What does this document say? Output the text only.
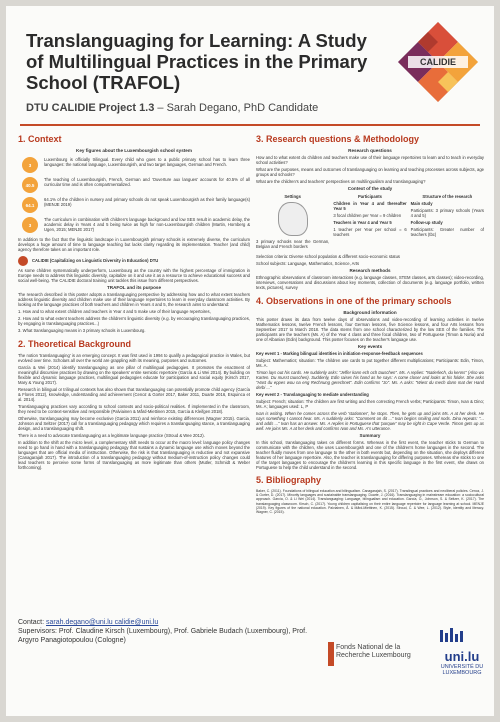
Translanguaging for Learning: A Study of Multilingual Practices in the Primary School (TRAFOL)
DTU CALIDIE Project 1.3 – Sarah Degano, PhD Candidate
CALIDIE
1. Context
Key figures about the Luxembourgish school system
3

Luxembourg is officially trilingual. Every child who goes to a public primary school has to learn three languages: the national language, Luxembourgish, and two target languages, German and French.

40.5

The teaching of Luxembourgish, French, German and 'Ouverture aux langues' accounts for 40.5% of all curricular time and is often compartmentalized.

64.1

64.1% of the children in nursery and primary schools do not speak Luxembourgish as their family language(s) (MENJE 2019)

3

The curriculum in combination with children's language background and low SES result in academic delay, the academic delay in Years 4 and 5 being twice as high for non-Luxembourgish children (Martin, Hornberg & Ugen, 2015; MENJE 2017)

In addition to the fact that the linguistic landscape in Luxembourgish primary schools is extremely diverse, the curriculum develops a huge amount of time to language teaching but lacks clarity regarding its implementation. Teacher (and child) agency therefore takes on an important role.

CALIDIE (Capitalizing on Linguistic Diversity in Education) DTU

As some children systematically underperform, Luxembourg as the country with the highest percentage of immigration in Europe needs to address this linguistic diversity, capitalize on it and use it as a resource to achieve educational success and social well-being. The CALIDIE doctoral training unit tackles this issue from different perspectives.

TRAFOL and its purpose

The research described in this poster adopts a translanguaging perspective by addressing how and to what extent teachers address linguistic diversity and children make use of their language repertoires to learn in everyday classroom activities. By looking at the language practices of both teachers and children in Years 4 and 5, the research aims to understand:

1. How and to what extent children and teachers in Year 4 and 5 make use of their language repertoires,

2. How and to what extent teachers address the children's linguistic diversity (e.g. by encouraging translanguaging practices, by engaging in translanguaging practices...)

3. What translanguaging means in 3 primary schools in Luxembourg.

2. Theoretical Background

The notion 'translanguaging' is an emerging concept. It was first used in 1994 to qualify a pedagogical practice in Wales, but evolved over time. Scholars all over the world are grappling with its meaning, purposes and outcomes.

García & Wei (2014) identify translanguaging as one pillar of multilingual pedagogies. It promotes the enactment of meaningful discursive practices by drawing on the speakers' entire semiotic repertoire (García & Li Wei 2014). By building on flexible and dynamic language practices, multilingual pedagogies educate for participation and social equity (Kirsch 2017, Mary & Young 2017).

Research in bilingual or trilingual contexts has also shown that translanguaging can potentially promote child agency (García & Flores 2012), knowledge, understanding and achievement (Cenoz & Gorter 2017, Baker 2011, Duarte 2016, Esquinca et al. 2014).

Translanguaging practices vary according to school contexts and socio-political realities. If implemented in the classroom, they need to be context-sensitive and responsible (Palviainen & Mård-Miettinen 2015, Garcia & Kleifgen 2018).

Otherwise, translanguaging may become exclusive (Garcia 2011) and reinforce existing differences (Wagner 2015). Garcia, Johnson and Seltzer (2017) call for a translanguaging pedagogy which requires a translanguaging stance, a translanguaging design, and a translanguaging shift.

There is a need to advocate translanguaging as a legitimate language practice (Stroud & Wee 2012).

In addition to the shift at the micro level, a complementary shift needs to occur at the macro level: language policy changes need to go hand in hand with a translanguaging pedagogy that sustains a dynamic language use which moves beyond the languages that are official media of instruction. Otherwise, the risk is that translanguaging is reductive and not expansive (Canagarajah 2017). The introduction of a translanguaging pedagogy without medium-of-instruction policy changes could lead teachers to perceive some forms of translanguaging as more legitimate than others (Mutler, Schmidt & Weber forthcoming).

3. Research questions & Methodology
Research questions

How and to what extent do children and teachers make use of their language repertoires to learn and to teach in everyday school activities?

What are the purposes, means and outcomes of translanguaging on learning and teaching processes across subjects, age groups and schools?

What are the children's and teachers' perspectives on multilingualism and translanguaging?

Context of the study
Settings

3 primary schools near the German, Belgian and French borders

Participants

Children in Year 4 and thereafter Year 5

3 focal children per Year = 9 children

Teachers in Year 4 and Year 5

1 teacher per Year per school = 6 teachers

Structure of the research

Main study

Participants: 3 primary schools (Years 4 and 5)

Follow-up study

Participants: Greater number of teachers (tbc)

Selection criteria: Diverse school population & different socio-economic status

School subjects: Language, Mathematics, Science, Arts

Research methods

Ethnographic observations of classroom interactions (e.g. language classes, STEM classes, arts classes); video-recording, interviews, conversations and discussions about key moments, collection of documents (e.g. language portfolio, written texts, pictures), survey

4. Observations in one of the primary schools
Background information

This poster draws its data from twelve days of observations and video-recording of learning activities in twelve Mathematics lessons, twelve French lessons, four German lessons, five Science lessons, and four Arts lessons from September 2017 to March 2018. The data stems from one school characterized by the low SES of the families. The participants are the teachers (Ms. A) of the Year 4 class and three focal children, two of Portuguese (Timon & Nuria) and one of Albanian (Edin) background. This poster focuses on the teacher's language use.

Key events

Key event 1 - Marking bilingual identities in initiation-response-feedback sequences

Subject: Mathematics; situation: The children use cards to put together different multiplications; Participants: Edin, Timon, Ms. A.

Timon lays out his cards. He suddenly asks: "Jeffer kann ech och tauschen". Ms. A replies: "Natierlech, du kenns" (Also wo Karten. Du musst tauschen). Suddenly, Edin raises his hand as he says: A come closer and looks at his folder. She asks "Hast du eppes wou na eng Rechnung gerechnet". Edin confirms "Jo". Ms. A asks: "Wiest du mech dann mat der Hand derbi ..."

Key event 2 - Translanguaging to mediate understanding

Subject: French; situation: The children are first writing and then correcting French verbs; Participants: Timon, Ivan & Dino; Ms. A; languages used: L, P

Ivan is writing. When he comes across the verb 'stationner', he stops. Then, he gets up and joins Ms. A at her desk. He says something I cannot hear. Ms. A suddenly asks: "Comment on dit ..." Ivan begins smiling and nods. Dina repeats: "... and adds ..." Ivan has an answer. Ms. A replies in Portuguese that 'parquer' may be right in Cape Verde. Timon gets up as well. He joins Ms. A at her desk and confirms Ivan and Ms. A's utterance.

Summary

In this school, translanguaging takes on different forms. Whereas in the first event, the teacher sticks to German to communicate with the children, she uses Luxembourgish and one of the children's home languages in the second. The teacher fluidly moves from one language to the other in both events but, depending on the situation, she deploys different features of her language repertoire. Also, the teacher is translanguaging for differing purposes. Whereas she sticks to one of the target languages to encourage the children's learning in this specific language in the first event, she draws on Portuguese to help the child understand in the second.

5. Bibliography

Baker, C. (2011). Foundations of bilingual education and bilingualism. Canagarajah, S. (2017). Translingual practices and neoliberal policies. Cenoz, J. & Gorter, D. (2017). Minority languages and sustainable translanguaging. Duarte, J. (2016). Translanguaging in mainstream education: a sociocultural approach. García, O. & Li Wei (2014). Translanguaging: Language, bilingualism and education. García, O., Johnson, S. & Seltzer, K. (2017). The translanguaging classroom. Kirsch, C. (2017). Young children capitalising on their entire language repertoire for language learning at school. MENJE (2019). Key figures of the national education. Palviainen, Å. & Mård-Miettinen, K. (2015). Stroud, C. & Wee, L. (2012). Style, identity and literacy. Wagner, C. (2015).

Contact: sarah.degano@uni.lu calidie@uni.lu
Supervisors: Prof. Claudine Kirsch (Luxembourg), Prof. Gabriele Budach (Luxembourg), Prof. Argyro Panagiotopoulou (Cologne)
Fonds National de la Recherche Luxembourg	uni.lu
UNIVERSITÉ DU LUXEMBOURG
